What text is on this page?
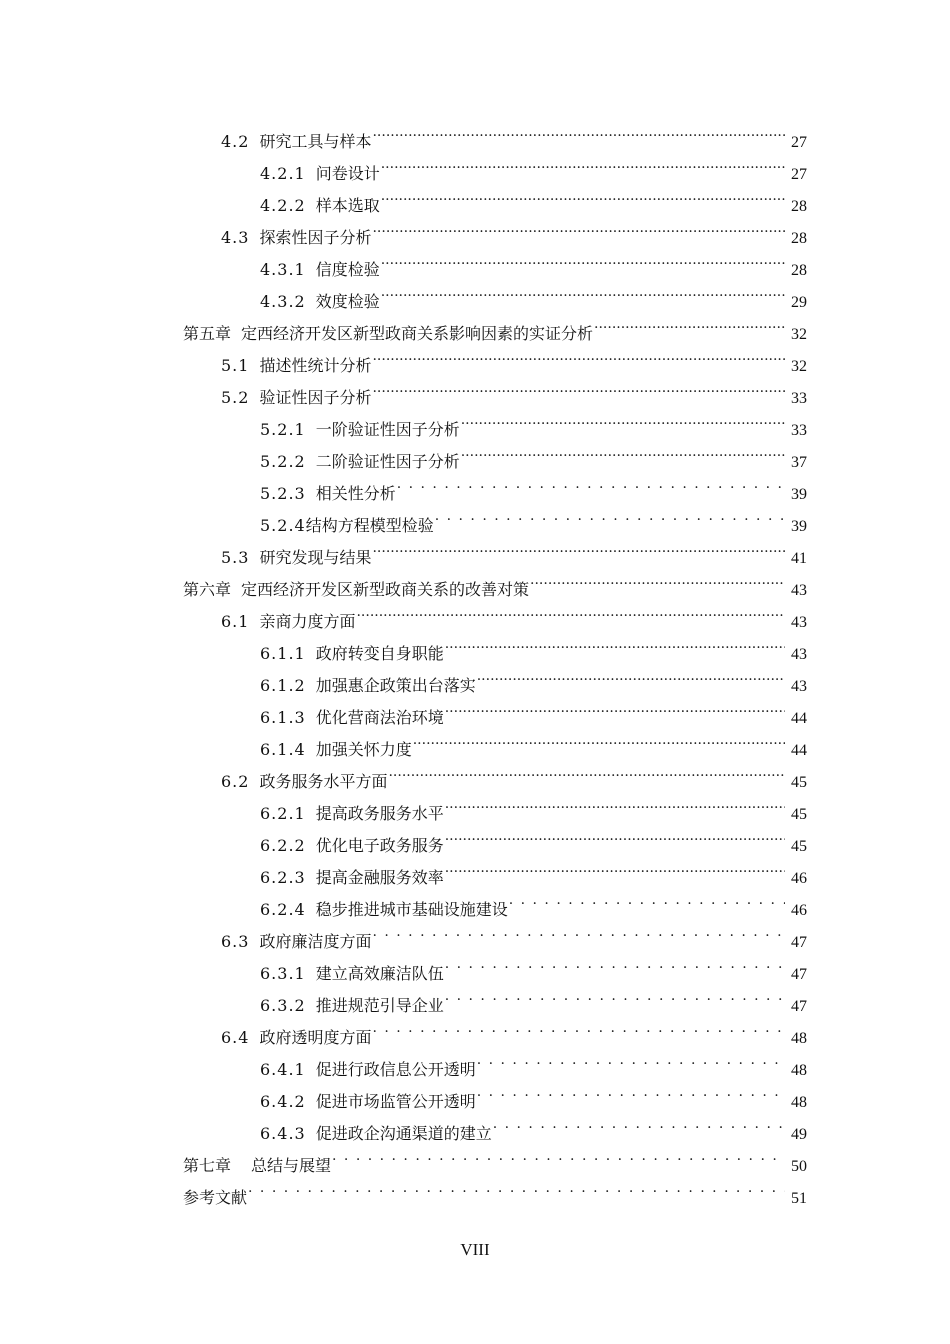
4.2 研究工具与样本 .....	27
4.2.1 问卷设计 .....	27
4.2.2 样本选取 .....	28
4.3 探索性因子分析 .....	28
4.3.1 信度检验 .....	28
4.3.2 效度检验 .....	29
第五章 定西经济开发区新型政商关系影响因素的实证分析 .....	32
5.1 描述性统计分析 .....	32
5.2 验证性因子分析 .....	33
5.2.1 一阶验证性因子分析 .....	33
5.2.2 二阶验证性因子分析 .....	37
5.2.3 相关性分析 . . .	39
5.2.4 结构方程模型检验 . . .	39
5.3 研究发现与结果 .....	41
第六章 定西经济开发区新型政商关系的改善对策 .....	43
6.1 亲商力度方面 .....	43
6.1.1 政府转变自身职能 .....	43
6.1.2 加强惠企政策出台落实 .....	43
6.1.3 优化营商法治环境 .....	44
6.1.4 加强关怀力度 .....	44
6.2 政务服务水平方面 .....	45
6.2.1 提高政务服务水平 .....	45
6.2.2 优化电子政务服务 .....	45
6.2.3 提高金融服务效率 .....	46
6.2.4 稳步推进城市基础设施建设 . . .	46
6.3 政府廉洁度方面 . . .	47
6.3.1 建立高效廉洁队伍 . . .	47
6.3.2 推进规范引导企业 . . .	47
6.4 政府透明度方面 . . .	48
6.4.1 促进行政信息公开透明 . . .	48
6.4.2 促进市场监管公开透明 . . .	48
6.4.3 促进政企沟通渠道的建立 . . .	49
第七章 总结与展望 . . .	50
参考文献 . . .	51
VIII
